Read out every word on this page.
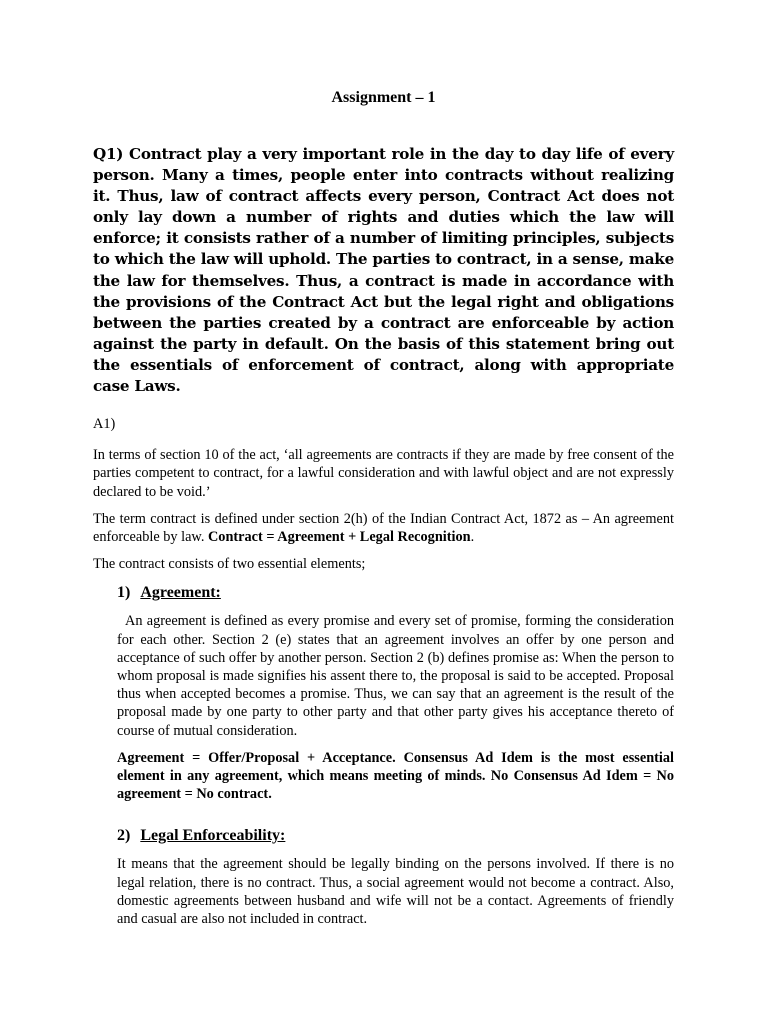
Assignment – 1

Q1) Contract play a very important role in the day to day life of every person. Many a times, people enter into contracts without realizing it. Thus, law of contract affects every person, Contract Act does not only lay down a number of rights and duties which the law will enforce; it consists rather of a number of limiting principles, subjects to which the law will uphold. The parties to contract, in a sense, make the law for themselves. Thus, a contract is made in accordance with the provisions of the Contract Act but the legal right and obligations between the parties created by a contract are enforceable by action against the party in default. On the basis of this statement bring out the essentials of enforcement of contract, along with appropriate case Laws.

A1)

In terms of section 10 of the act, ‘all agreements are contracts if they are made by free consent of the parties competent to contract, for a lawful consideration and with lawful object and are not expressly declared to be void.’

The term contract is defined under section 2(h) of the Indian Contract Act, 1872 as – An agreement enforceable by law. Contract = Agreement + Legal Recognition.

The contract consists of two essential elements;

1) Agreement:

An agreement is defined as every promise and every set of promise, forming the consideration for each other. Section 2 (e) states that an agreement involves an offer by one person and acceptance of such offer by another person. Section 2 (b) defines promise as: When the person to whom proposal is made signifies his assent there to, the proposal is said to be accepted. Proposal thus when accepted becomes a promise. Thus, we can say that an agreement is the result of the proposal made by one party to other party and that other party gives his acceptance thereto of course of mutual consideration.

Agreement = Offer/Proposal + Acceptance. Consensus Ad Idem is the most essential element in any agreement, which means meeting of minds. No Consensus Ad Idem = No agreement = No contract.

2) Legal Enforceability:

It means that the agreement should be legally binding on the persons involved. If there is no legal relation, there is no contract. Thus, a social agreement would not become a contract. Also, domestic agreements between husband and wife will not be a contact. Agreements of friendly and casual are also not included in contract.
